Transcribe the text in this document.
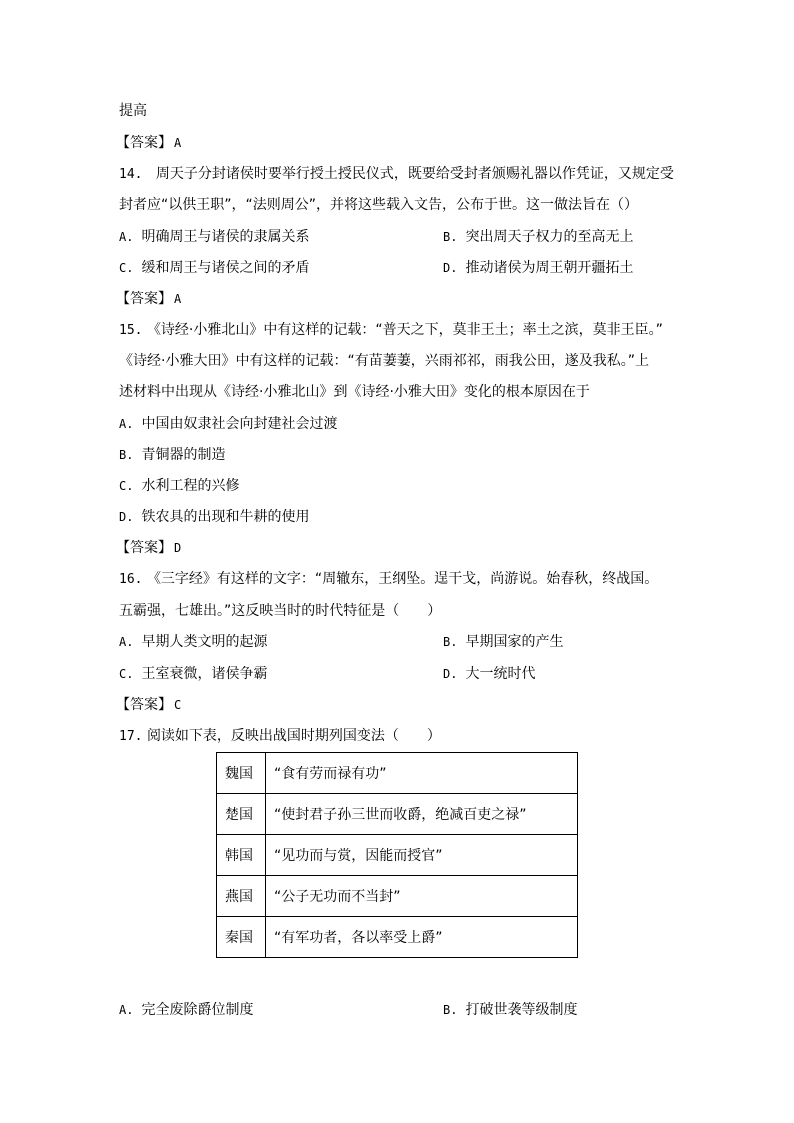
提高
【答案】 A
14. 周天子分封诸侯时要举行授土授民仪式，既要给受封者颁赐礼器以作凭证，又规定受
封者应“以供王职”，“法则周公”，并将这些载入文告，公布于世。这一做法旨在（）
A. 明确周王与诸侯的隶属关系	B. 突出周天子权力的至高无上
C. 缓和周王与诸侯之间的矛盾	D. 推动诸侯为周王朝开疆拓土
【答案】 A
15. 《诗经·小雅北山》中有这样的记载：“普天之下，莫非王土；率土之滨，莫非王臣。”
《诗经·小雅大田》中有这样的记载：“有苗萋萋，兴雨祁祁，雨我公田，遂及我私。”上
述材料中出现从《诗经·小雅北山》到《诗经·小雅大田》变化的根本原因在于
A. 中国由奴隶社会向封建社会过渡
B. 青铜器的制造
C. 水利工程的兴修
D. 铁农具的出现和牛耕的使用
【答案】 D
16. 《三字经》有这样的文字：“周辙东，王纲坠。逞干戈，尚游说。始春秋，终战国。
五霸强，七雄出。”这反映当时的时代特征是（　　）
A. 早期人类文明的起源	B. 早期国家的产生
C. 王室衰微，诸侯争霸	D. 大一统时代
【答案】 C
17. 阅读如下表，反映出战国时期列国变法（　　）
魏国	“食有劳而禄有功”
楚国	“使封君子孙三世而收爵，绝减百吏之禄”
韩国	“见功而与赏，因能而授官”
燕国	“公子无功而不当封”
秦国	“有军功者，各以率受上爵”
A. 完全废除爵位制度	B. 打破世袭等级制度
